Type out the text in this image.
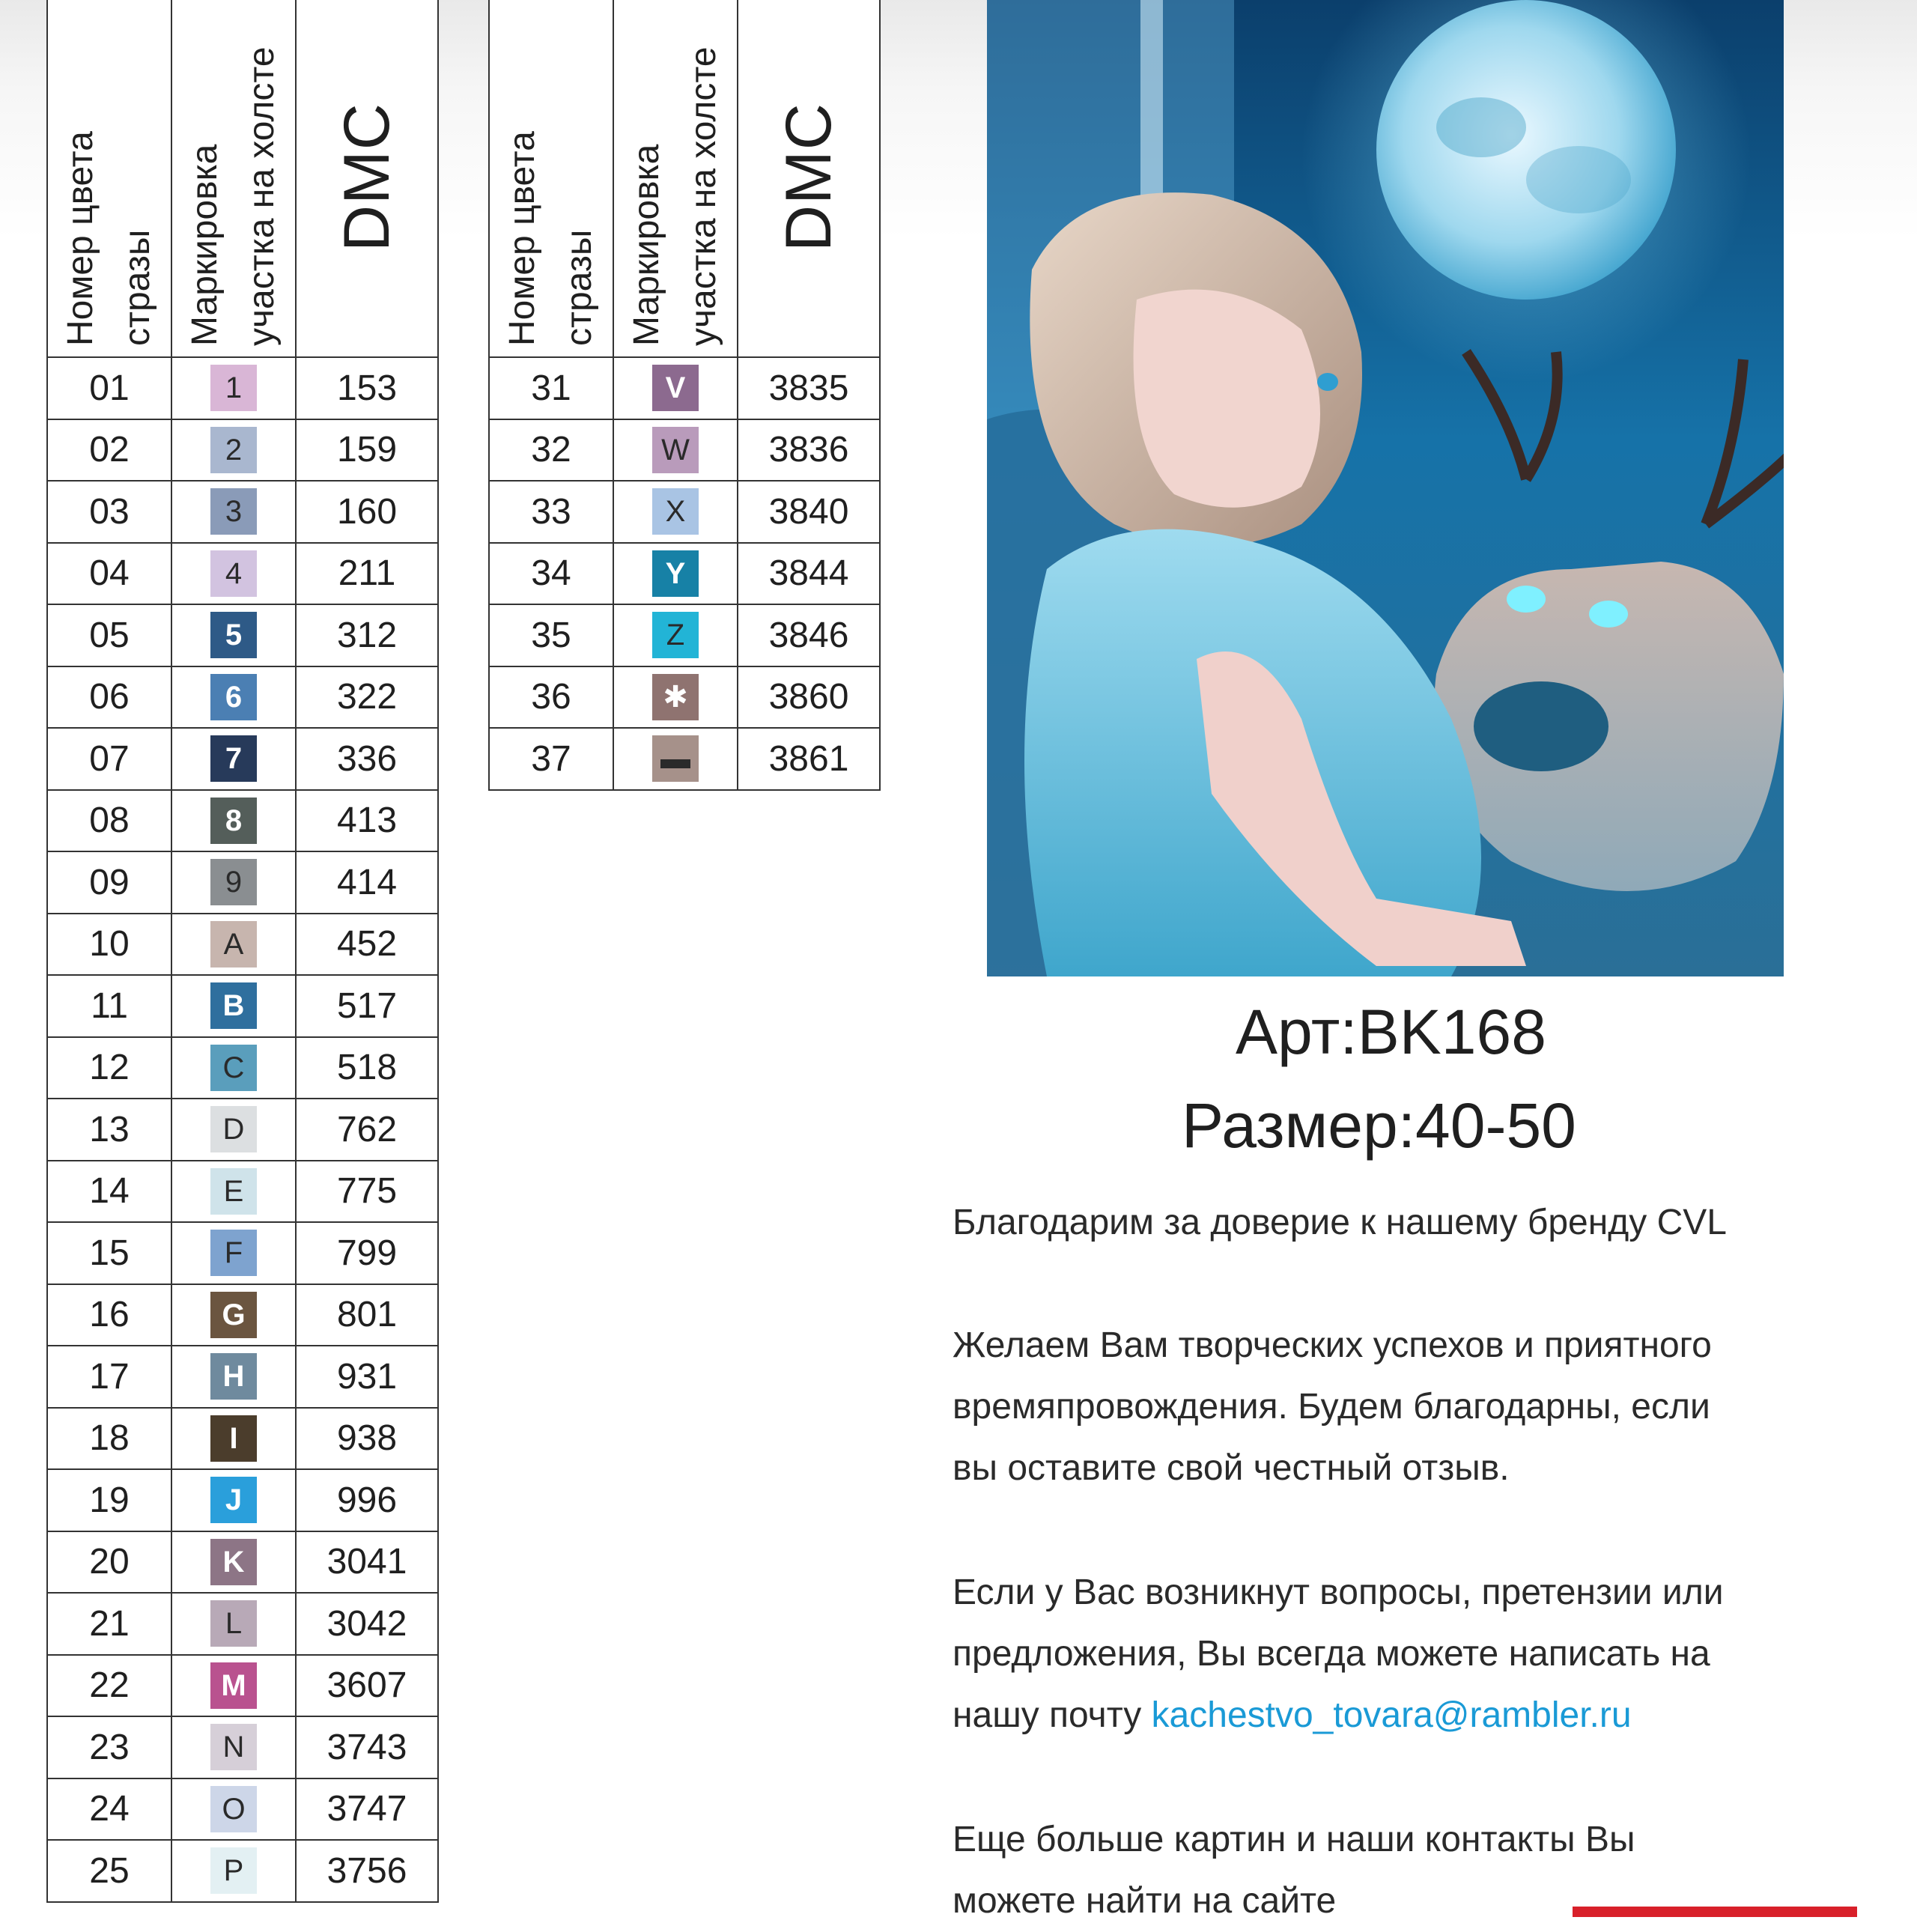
Номер цвета стразы	Маркировка участка на холсте	DMC

01	1	153
02	2	159
03	3	160
04	4	211
05	5	312
06	6	322
07	7	336
08	8	413
09	9	414
10	A	452
11	B	517
12	C	518
13	D	762
14	E	775
15	F	799
16	G	801
17	H	931
18	I	938
19	J	996
20	K	3041
21	L	3042
22	M	3607
23	N	3743
24	O	3747
25	P	3756
Номер цвета стразы	Маркировка участка на холсте	DMC

31	V	3835
32	W	3836
33	X	3840
34	Y	3844
35	Z	3846
36	✱	3860
37	▬	3861
Арт:BK168
Размер:40-50
Благодарим за доверие к нашему бренду CVL
Желаем Вам творческих успехов и приятного
времяпровождения. Будем благодарны, если
вы оставите свой честный отзыв.
Если у Вас возникнут вопросы, претензии или
предложения, Вы всегда можете написать на
нашу почту kachestvo_tovara@rambler.ru
Еще больше картин и наши контакты Вы
можете найти на сайте
